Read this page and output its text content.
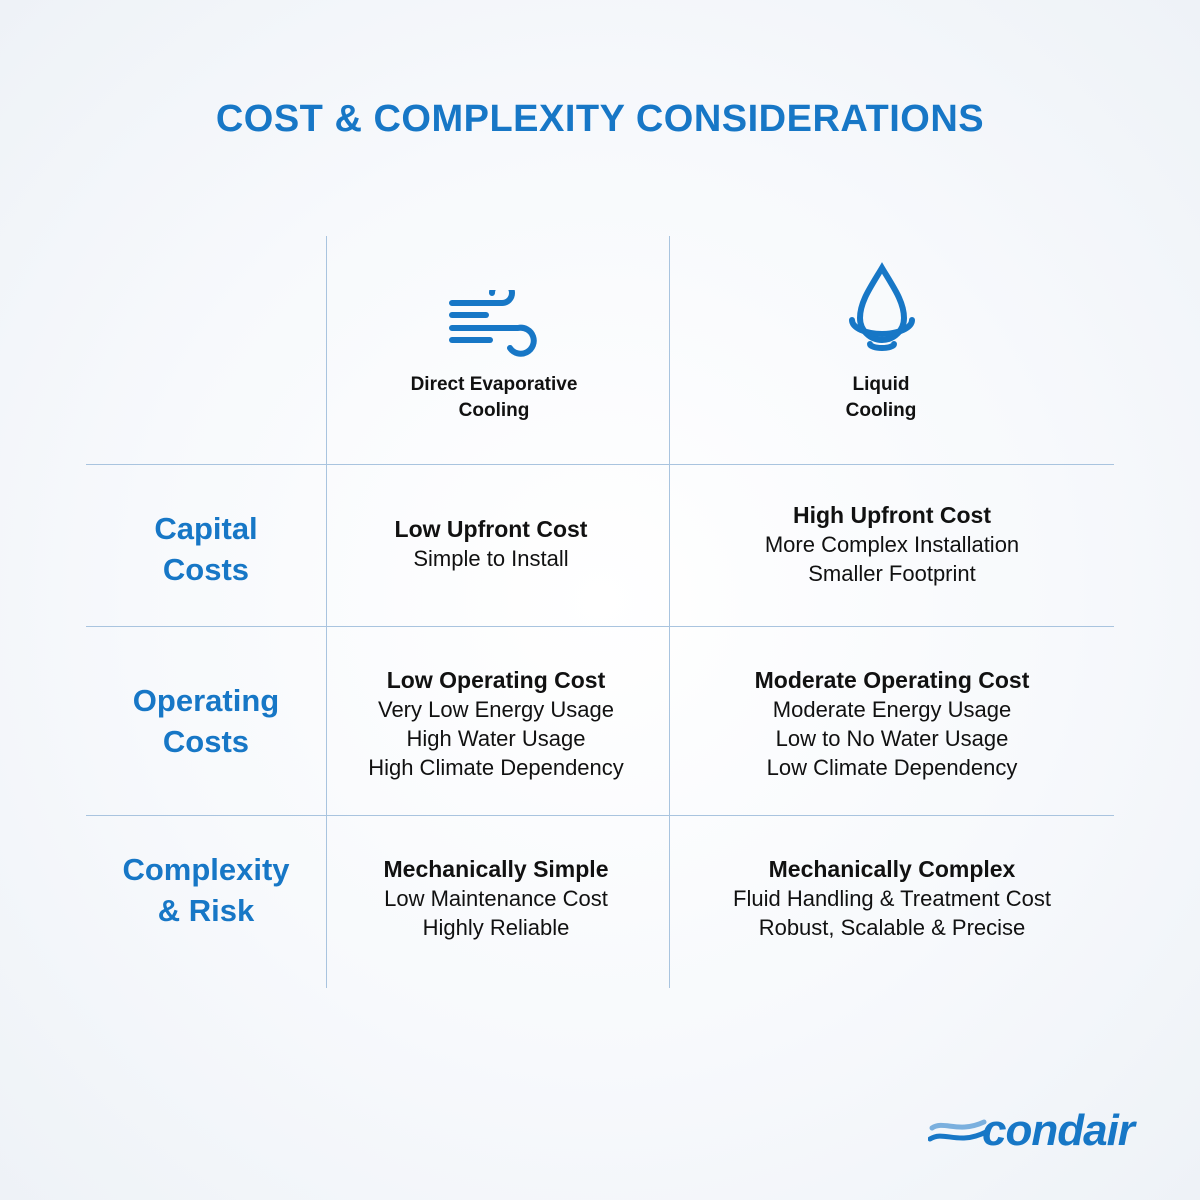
COST & COMPLEXITY CONSIDERATIONS
Direct Evaporative
Cooling
Liquid
Cooling
Capital
Costs
Operating
Costs
Complexity
& Risk
Low Upfront Cost
Simple to Install
High Upfront Cost
More Complex Installation
Smaller Footprint
Low Operating Cost
Very Low Energy Usage
High Water Usage
High Climate Dependency
Moderate Operating Cost
Moderate Energy Usage
Low to No Water Usage
Low Climate Dependency
Mechanically Simple
Low Maintenance Cost
Highly Reliable
Mechanically Complex
Fluid Handling & Treatment Cost
Robust, Scalable & Precise
condair
